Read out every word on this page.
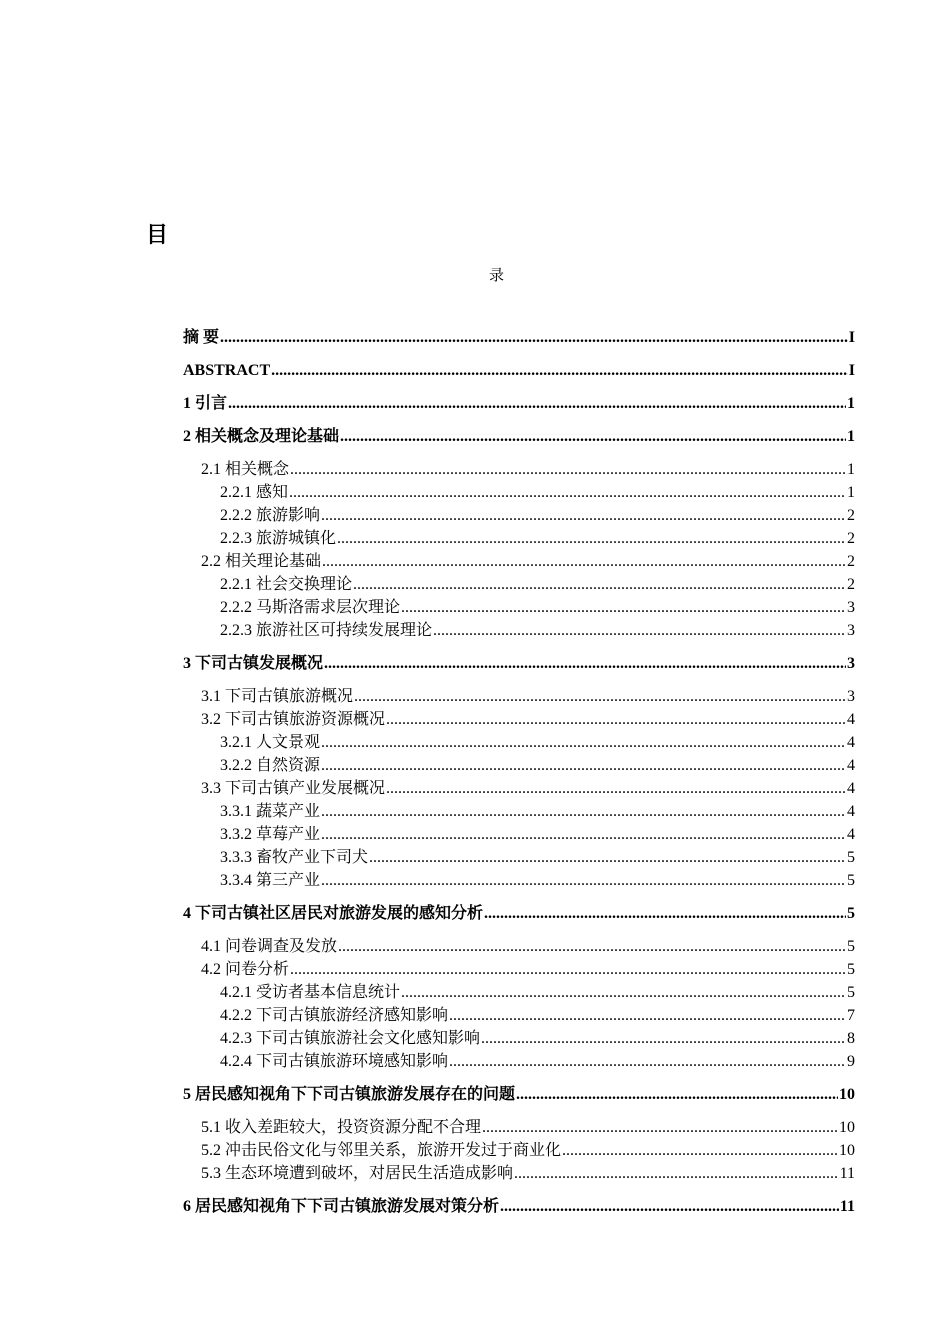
目
录
摘 要 .....	I
ABSTRACT .....	I
1 引言 .....	1
2 相关概念及理论基础 .....	1
2.1 相关概念 .....	1
2.2.1 感知 .....	1
2.2.2 旅游影响 .....	2
2.2.3 旅游城镇化 .....	2
2.2 相关理论基础 .....	2
2.2.1 社会交换理论 .....	2
2.2.2 马斯洛需求层次理论 .....	3
2.2.3 旅游社区可持续发展理论 .....	3
3 下司古镇发展概况 .....	3
3.1 下司古镇旅游概况 .....	3
3.2 下司古镇旅游资源概况 .....	4
3.2.1 人文景观 .....	4
3.2.2 自然资源 .....	4
3.3 下司古镇产业发展概况 .....	4
3.3.1 蔬菜产业 .....	4
3.3.2 草莓产业 .....	4
3.3.3 畜牧产业下司犬 .....	5
3.3.4 第三产业 .....	5
4 下司古镇社区居民对旅游发展的感知分析 .....	5
4.1 问卷调查及发放 .....	5
4.2 问卷分析 .....	5
4.2.1 受访者基本信息统计 .....	5
4.2.2 下司古镇旅游经济感知影响 .....	7
4.2.3 下司古镇旅游社会文化感知影响 .....	8
4.2.4 下司古镇旅游环境感知影响 .....	9
5 居民感知视角下下司古镇旅游发展存在的问题 .....	10
5.1 收入差距较大，投资资源分配不合理 .....	10
5.2 冲击民俗文化与邻里关系，旅游开发过于商业化 .....	10
5.3 生态环境遭到破坏，对居民生活造成影响 .....	11
6 居民感知视角下下司古镇旅游发展对策分析 .....	11
